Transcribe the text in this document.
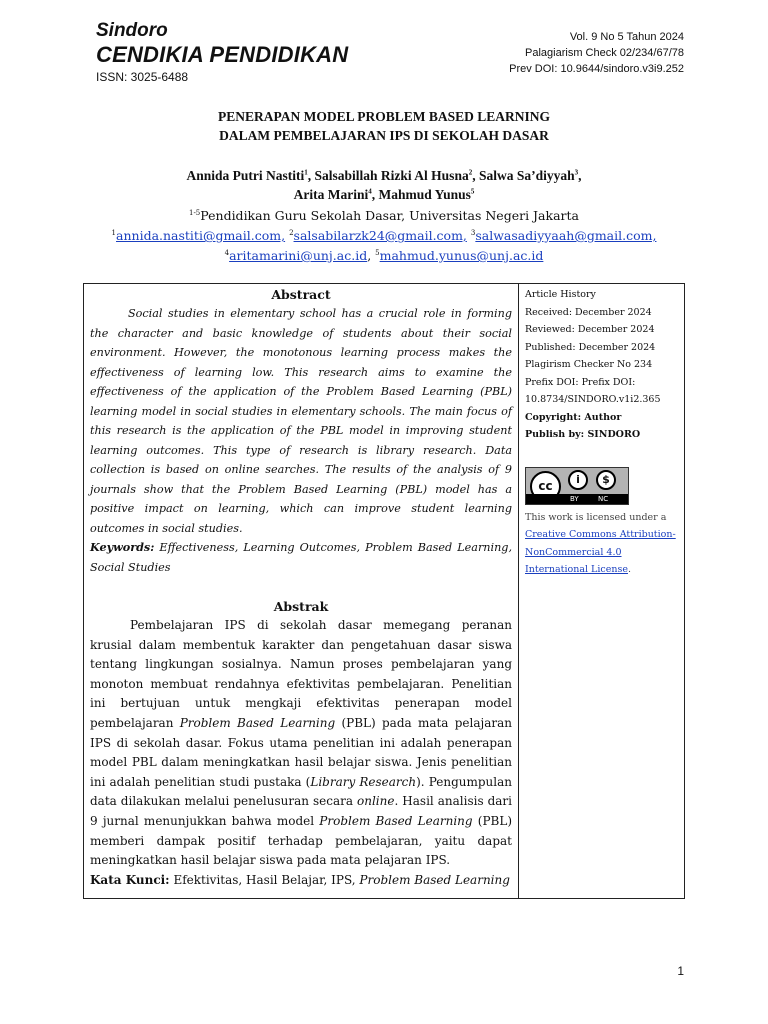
Sindoro
CENDIKIA PENDIDIKAN
ISSN: 3025-6488
Vol. 9 No 5 Tahun 2024
Palagiarism Check 02/234/67/78
Prev DOI: 10.9644/sindoro.v3i9.252
PENERAPAN MODEL PROBLEM BASED LEARNING
DALAM PEMBELAJARAN IPS DI SEKOLAH DASAR
Annida Putri Nastiti$^1$, Salsabillah Rizki Al Husna$^2$, Salwa Sa’diyyah$^3$,
Arita Marini$^4$, Mahmud Yunus$^5$
$^{1-5}$Pendidikan Guru Sekolah Dasar, Universitas Negeri Jakarta
$^1$annida.nastiti@gmail.com, $^2$salsabilarzk24@gmail.com, $^3$salwasadiyyaah@gmail.com,
$^4$aritamarini@unj.ac.id, $^5$mahmud.yunus@unj.ac.id
Abstract
Social studies in elementary school has a crucial role in forming the character and basic knowledge of students about their social environment. However, the monotonous learning process makes the effectiveness of learning low. This research aims to examine the effectiveness of the application of the Problem Based Learning (PBL) learning model in social studies in elementary schools. The main focus of this research is the application of the PBL model in improving student learning outcomes. This type of research is library research. Data collection is based on online searches. The results of the analysis of 9 journals show that the Problem Based Learning (PBL) model has a positive impact on learning, which can improve student learning outcomes in social studies.
Keywords: Effectiveness, Learning Outcomes, Problem Based Learning, Social Studies
Abstrak
Pembelajaran IPS di sekolah dasar memegang peranan krusial dalam membentuk karakter dan pengetahuan dasar siswa tentang lingkungan sosialnya. Namun proses pembelajaran yang monoton membuat rendahnya efektivitas pembelajaran. Penelitian ini bertujuan untuk mengkaji efektivitas penerapan model pembelajaran Problem Based Learning (PBL) pada mata pelajaran IPS di sekolah dasar. Fokus utama penelitian ini adalah penerapan model PBL dalam meningkatkan hasil belajar siswa. Jenis penelitian ini adalah penelitian studi pustaka (Library Research). Pengumpulan data dilakukan melalui penelusuran secara online. Hasil analisis dari 9 jurnal menunjukkan bahwa model Problem Based Learning (PBL) memberi dampak positif terhadap pembelajaran, yaitu dapat meningkatkan hasil belajar siswa pada mata pelajaran IPS.
Kata Kunci: Efektivitas, Hasil Belajar, IPS, Problem Based Learning
Article History
Received: December 2024
Reviewed: December 2024
Published: December 2024
Plagirism Checker No 234
Prefix DOI: Prefix DOI:
10.8734/SINDORO.v1i2.365
Copyright: Author
Publish by: SINDORO
cc	i	$
BY	NC
This work is licensed under a Creative Commons Attribution-NonCommercial 4.0 International License.
1
